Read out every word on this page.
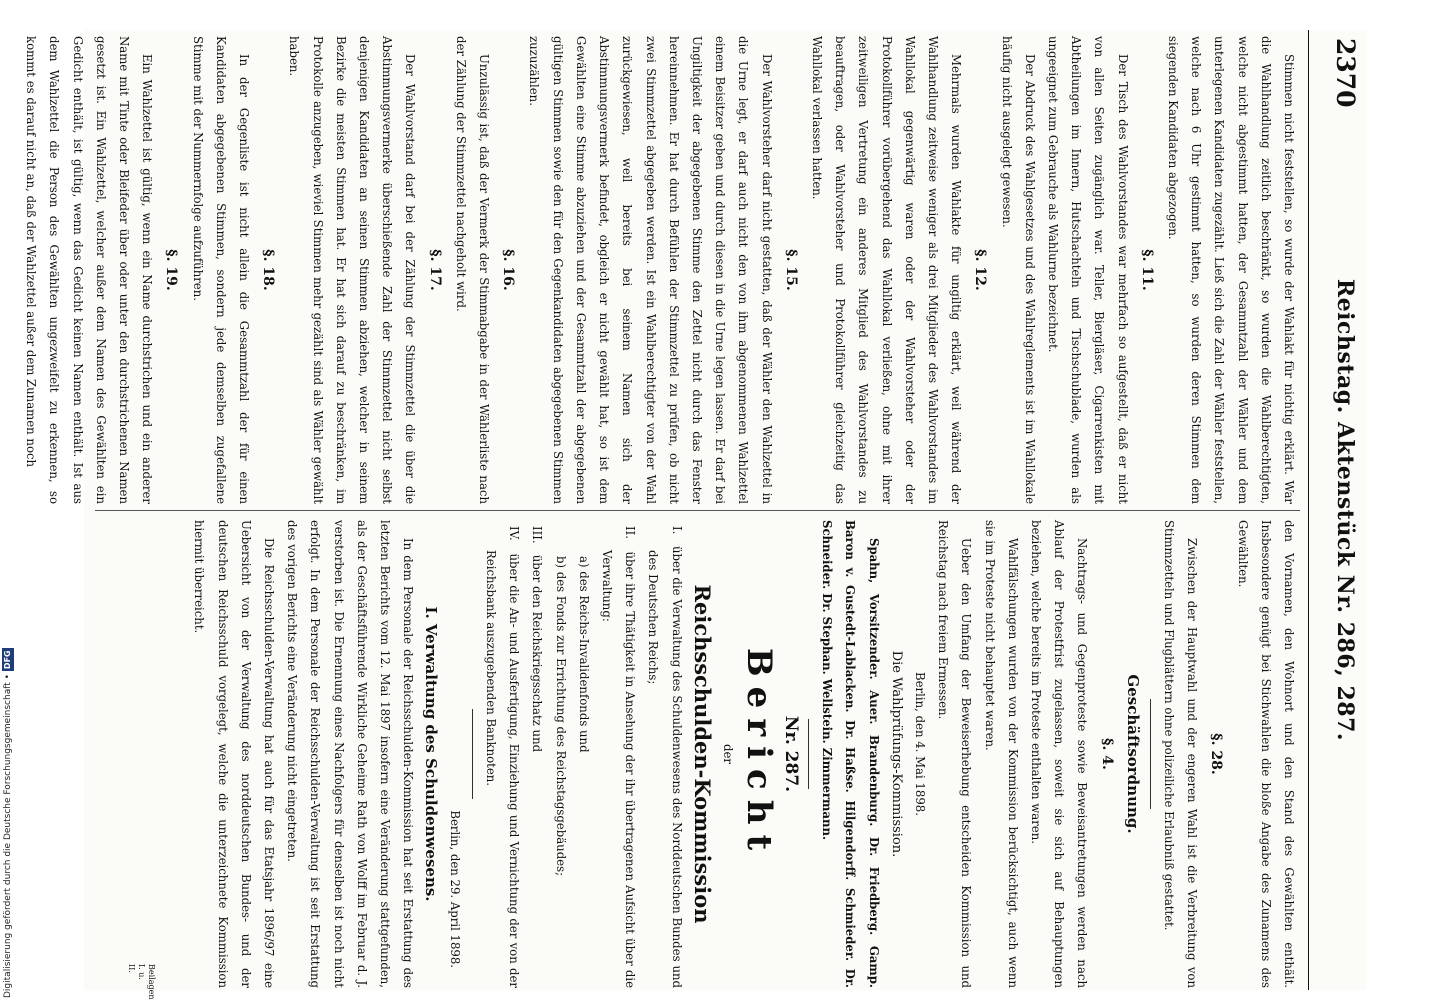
2370
Reichstag. Aktenstück Nr. 286, 287.

Stimmen nicht feststellen, so wurde der Wahlakt für nichtig erklärt. War die Wahlhandlung zeitlich beschränkt, so wurden die Wahlberechtigten, welche nicht abgestimmt hatten, der Gesammtzahl der Wähler und dem unterlegenen Kandidaten zugezählt. Ließ sich die Zahl der Wähler feststellen, welche nach 6 Uhr gestimmt hatten, so wurden deren Stimmen dem siegenden Kandidaten abgezogen.

§. 11.

Der Tisch des Wahlvorstandes war mehrfach so aufgestellt, daß er nicht von allen Seiten zugänglich war. Teller, Biergläser, Cigarrenkisten mit Abtheilungen im Innern, Hutschachteln und Tischschublade, wurden als ungeeignet zum Gebrauche als Wahlurne bezeichnet.

Der Abdruck des Wahlgesetzes und des Wahlreglements ist im Wahllokale häufig nicht ausgelegt gewesen.

§. 12.

Mehrmals wurden Wahlakte für ungiltig erklärt, weil während der Wahlhandlung zeitweise weniger als drei Mitglieder des Wahlvorstandes im Wahllokal gegenwärtig waren oder der Wahlvorsteher oder der Protokollführer vorübergehend das Wahllokal verließen, ohne mit ihrer zeitweiligen Vertretung ein anderes Mitglied des Wahlvorstandes zu beauftragen, oder Wahlvorsteher und Protokollführer gleichzeitig das Wahllokal verlassen hatten.

§. 15.

Der Wahlvorsteher darf nicht gestatten, daß der Wähler den Wahlzettel in die Urne legt, er darf auch nicht den von ihm abgenommenen Wahlzettel einem Beisitzer geben und durch diesen in die Urne legen lassen. Er darf bei Ungiltigkeit der abgegebenen Stimme den Zettel nicht durch das Fenster hereinnehmen. Er hat durch Befühlen der Stimmzettel zu prüfen, ob nicht zwei Stimmzettel abgegeben werden. Ist ein Wahlberechtigter von der Wahl zurückgewiesen, weil bereits bei seinem Namen sich der Abstimmungsvermerk befindet, obgleich er nicht gewählt hat, so ist dem Gewählten eine Stimme abzuziehen und der Gesammtzahl der abgegebenen gültigen Stimmen sowie den für den Gegenkandidaten abgegebenen Stimmen zuzuzählen.

§. 16.

Unzulässig ist, daß der Vermerk der Stimmabgabe in der Wählerliste nach der Zählung der Stimmzettel nachgeholt wird.

§. 17.

Der Wahlvorstand darf bei der Zählung der Stimmzettel die über die Abstimmungsvermerke überschießende Zahl der Stimmzettel nicht selbst denjenigen Kandidaten an seinen Stimmen abziehen, welcher in seinem Bezirke die meisten Stimmen hat. Er hat sich darauf zu beschränken, im Protokolle anzugeben, wieviel Stimmen mehr gezählt sind als Wähler gewählt haben.

§. 18.

In der Gegenliste ist nicht allein die Gesammtzahl der für einen Kandidaten abgegebenen Stimmen, sondern jede demselben zugefallene Stimme mit der Nummernfolge aufzuführen.

§. 19.

Ein Wahlzettel ist gültig, wenn ein Name durchstrichen und ein anderer Name mit Tinte oder Bleifeder über oder unter den durchstrichenen Namen gesetzt ist. Ein Wahlzettel, welcher außer dem Namen des Gewählten ein Gedicht enthält, ist gültig, wenn das Gedicht keinen Namen enthält. Ist aus dem Wahlzettel die Person des Gewählten ungezweifelt zu erkennen, so kommt es darauf nicht an, daß der Wahlzettel außer dem Zunamen noch

den Vornamen, den Wohnort und den Stand des Gewählten enthält. Insbesondere genügt bei Stichwahlen die bloße Angabe des Zunamens des Gewählten.

§. 28.

Zwischen der Hauptwahl und der engeren Wahl ist die Verbreitung von Stimmzetteln und Flugblättern ohne polizeiliche Erlaubniß gestattet.

Geschäftsordnung.
§. 4.

Nachtrags- und Gegenproteste sowie Beweisantretungen werden nach Ablauf der Protestfrist zugelassen, soweit sie sich auf Behauptungen beziehen, welche bereits im Proteste enthalten waren.

Wahlfälschungen wurden von der Kommission berücksichtigt, auch wenn sie im Proteste nicht behauptet waren.

Ueber den Umfang der Beweiserhebung entscheiden Kommission und Reichstag nach freiem Ermessen.

Berlin, den 4. Mai 1898.
Die Wahlprüfungs-Kommission.

Spahn, Vorsitzender. Auer. Brandenburg. Dr. Friedberg. Gamp. Baron v. Gustedt-Lablacken. Dr. Haßse. Hilgendorff. Schmieder. Dr. Schneider. Dr. Stephan. Wellstein. Zimmermann.

Nr. 287.
Bericht
der
Reichsschulden-Kommission
I.   über die Verwaltung des Schuldenwesens des Norddeutschen Bundes und des Deutschen Reichs;
II.   über ihre Thätigkeit in Ansehung der ihr übertragenen Aufsicht über die Verwaltung:
a) des Reichs-Invalidenfonds und
b) des Fonds zur Errichtung des Reichstagsgebäudes;
III.   über den Reichskriegsschatz und
IV.   über die An- und Ausfertigung, Einziehung und Vernichtung der von der Reichsbank auszugebenden Banknoten.
Berlin, den 29. April 1898.
I. Verwaltung des Schuldenwesens.

In dem Personale der Reichsschulden-Kommission hat seit Erstattung des letzten Berichts vom 12. Mai 1897 insofern eine Veränderung stattgefunden, als der Geschäftsführende Wirkliche Geheime Rath von Wolff im Februar d. J. verstorben ist. Die Ernennung eines Nachfolgers für denselben ist noch nicht erfolgt. In dem Personale der Reichsschulden-Verwaltung ist seit Erstattung des vorigen Berichts eine Veränderung nicht eingetreten.

Die Reichsschulden-Verwaltung hat auch für das Etatsjahr 1896/97 eine Uebersicht von der Verwaltung des norddeutschen Bundes- und der deutschen Reichsschuld vorgelegt, welche die unterzeichnete Kommission hiermit überreicht.

Beilagen I. u. II.
Digitalisierung gefördert durch die Deutsche Forschungsgemeinschaft •DFG
